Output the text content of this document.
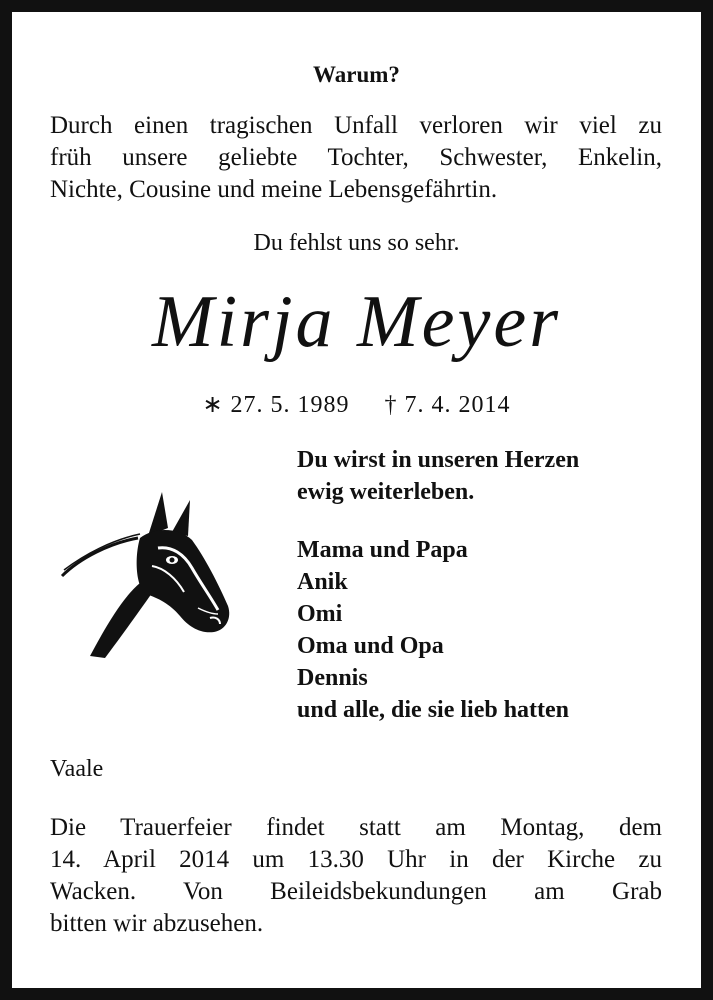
Warum?
Durch einen tragischen Unfall verloren wir viel zu
früh unsere geliebte Tochter, Schwester, Enkelin,
Nichte, Cousine und meine Lebensgefährtin.
Du fehlst uns so sehr.
Mirja Meyer
∗ 27. 5. 1989 † 7. 4. 2014
Du wirst in unseren Herzen
ewig weiterleben.
Mama und Papa
Anik
Omi
Oma und Opa
Dennis
und alle, die sie lieb hatten
Vaale
Die Trauerfeier findet statt am Montag, dem
14. April 2014 um 13.30 Uhr in der Kirche zu
Wacken. Von Beileidsbekundungen am Grab
bitten wir abzusehen.
